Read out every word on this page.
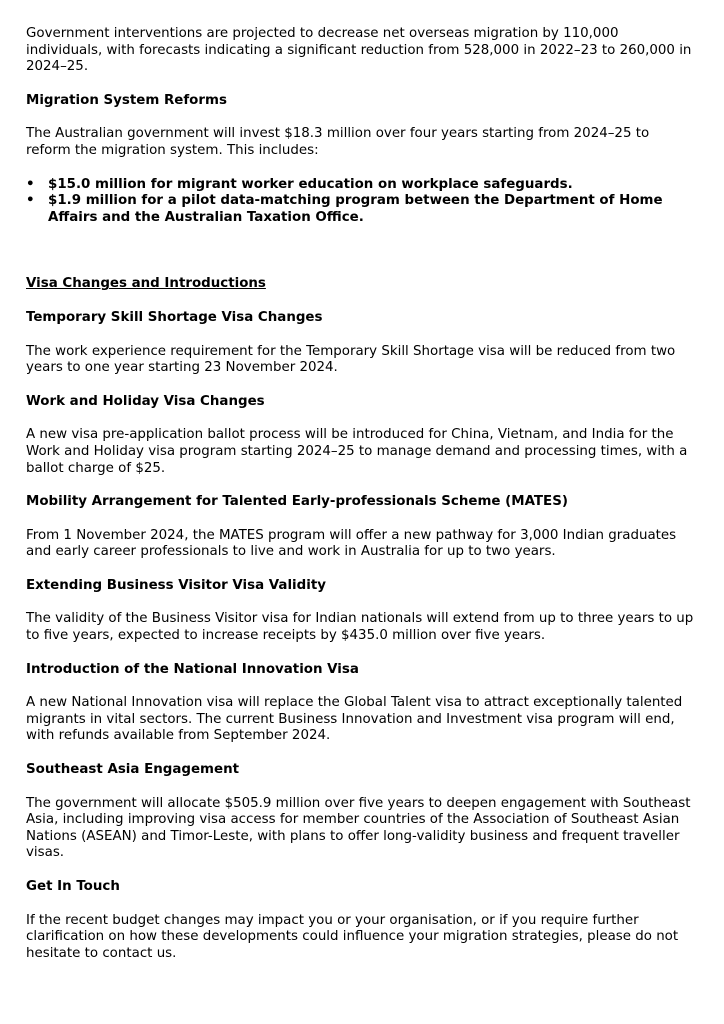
Government interventions are projected to decrease net overseas migration by 110,000 individuals, with forecasts indicating a significant reduction from 528,000 in 2022–23 to 260,000 in 2024–25.

Migration System Reforms

The Australian government will invest $18.3 million over four years starting from 2024–25 to reform the migration system. This includes:

• $15.0 million for migrant worker education on workplace safeguards.
• $1.9 million for a pilot data-matching program between the Department of Home Affairs and the Australian Taxation Office.

Visa Changes and Introductions

Temporary Skill Shortage Visa Changes

The work experience requirement for the Temporary Skill Shortage visa will be reduced from two years to one year starting 23 November 2024.

Work and Holiday Visa Changes

A new visa pre-application ballot process will be introduced for China, Vietnam, and India for the Work and Holiday visa program starting 2024–25 to manage demand and processing times, with a ballot charge of $25.

Mobility Arrangement for Talented Early-professionals Scheme (MATES)

From 1 November 2024, the MATES program will offer a new pathway for 3,000 Indian graduates and early career professionals to live and work in Australia for up to two years.

Extending Business Visitor Visa Validity

The validity of the Business Visitor visa for Indian nationals will extend from up to three years to up to five years, expected to increase receipts by $435.0 million over five years.

Introduction of the National Innovation Visa

A new National Innovation visa will replace the Global Talent visa to attract exceptionally talented migrants in vital sectors. The current Business Innovation and Investment visa program will end, with refunds available from September 2024.

Southeast Asia Engagement

The government will allocate $505.9 million over five years to deepen engagement with Southeast Asia, including improving visa access for member countries of the Association of Southeast Asian Nations (ASEAN) and Timor-Leste, with plans to offer long-validity business and frequent traveller visas.

Get In Touch

If the recent budget changes may impact you or your organisation, or if you require further clarification on how these developments could influence your migration strategies, please do not hesitate to contact us.
